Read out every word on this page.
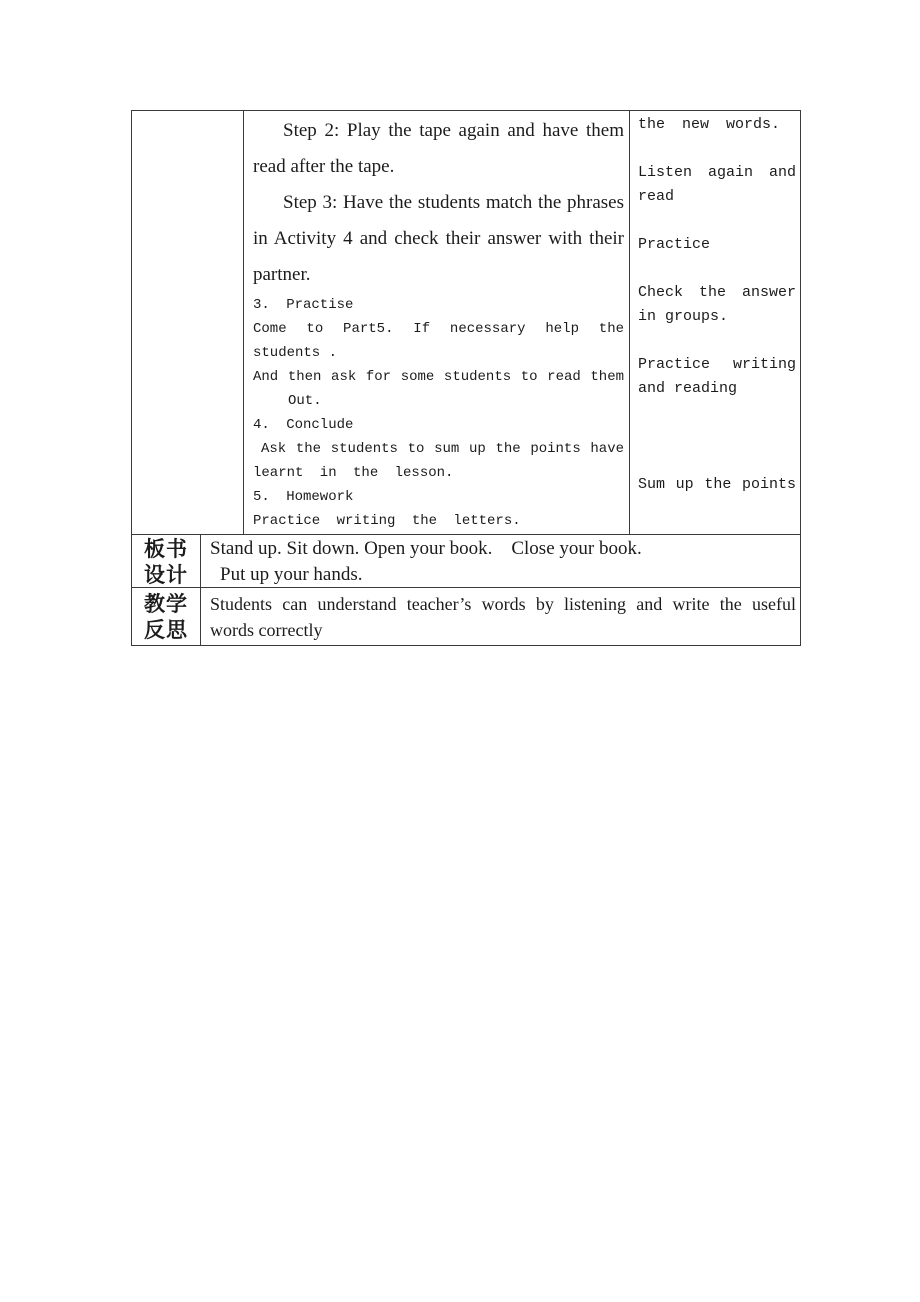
Step 2: Play the tape again and have them
read after the tape.
Step 3: Have the students match the phrases
in Activity 4 and check their answer with their
partner.
3. Practise
Come to Part5. If necessary help the
students .
And then ask for some students to read them
Out.
4. Conclude
Ask the students to sum up the points have
learnt in the lesson.
5. Homework
Practice writing the letters.
the new words.
Listen again and
read
Practice
Check the answer
in groups.
Practice writing
and reading
Sum up the points
板书
设计
Stand up. Sit down. Open your book.    Close your book.
Put up your hands.
教学
反思
Students can understand teacher’s words by listening and write the useful
words correctly
